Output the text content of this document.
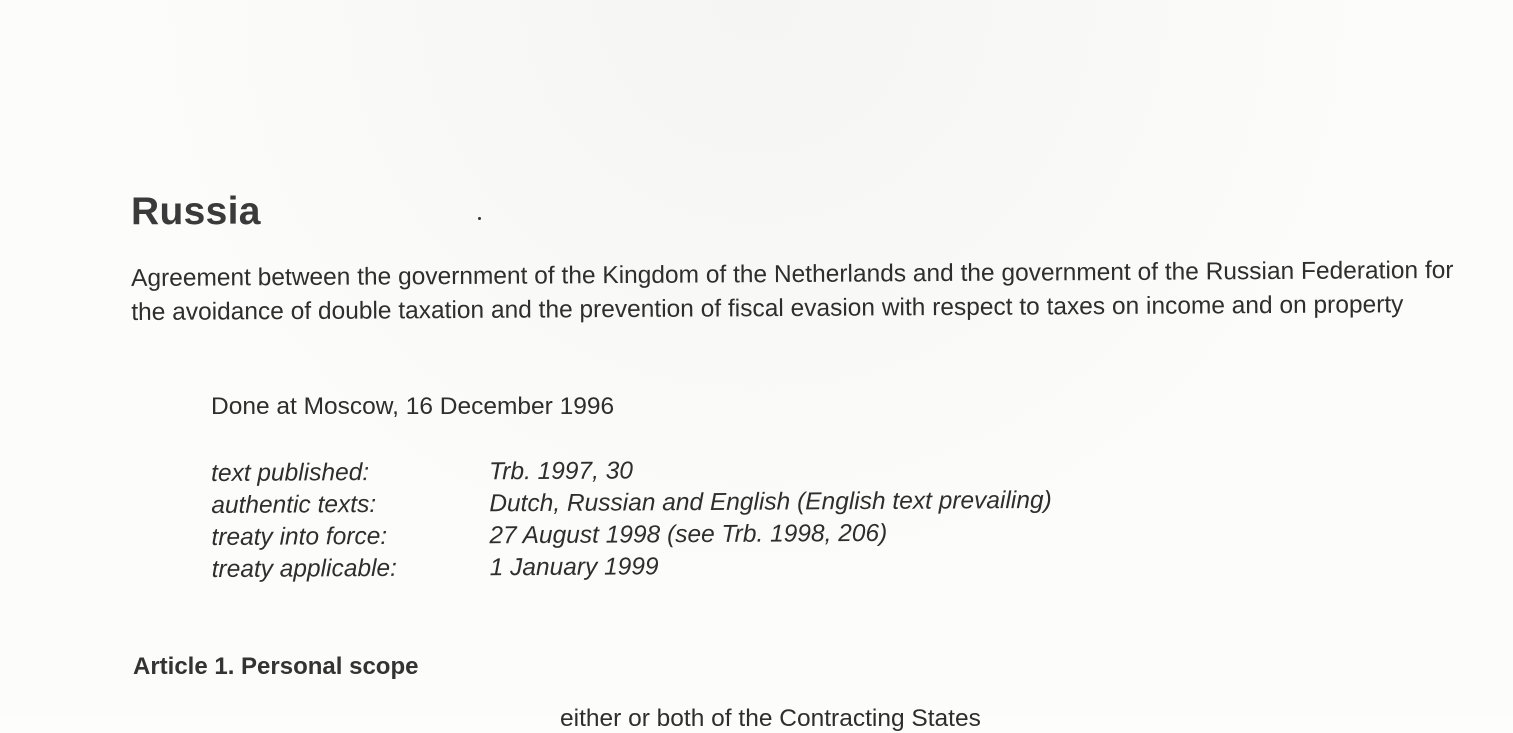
Russia

Agreement between the government of the Kingdom of the Netherlands and the government of the Russian Federation for the avoidance of double taxation and the prevention of fiscal evasion with respect to taxes on income and on property

Done at Moscow, 16 December 1996

text published:	Trb. 1997, 30
authentic texts:	Dutch, Russian and English (English text prevailing)
treaty into force:	27 August 1998 (see Trb. 1998, 206)
treaty applicable:	1 January 1999
Article 1. Personal scope

either or both of the Contracting States
